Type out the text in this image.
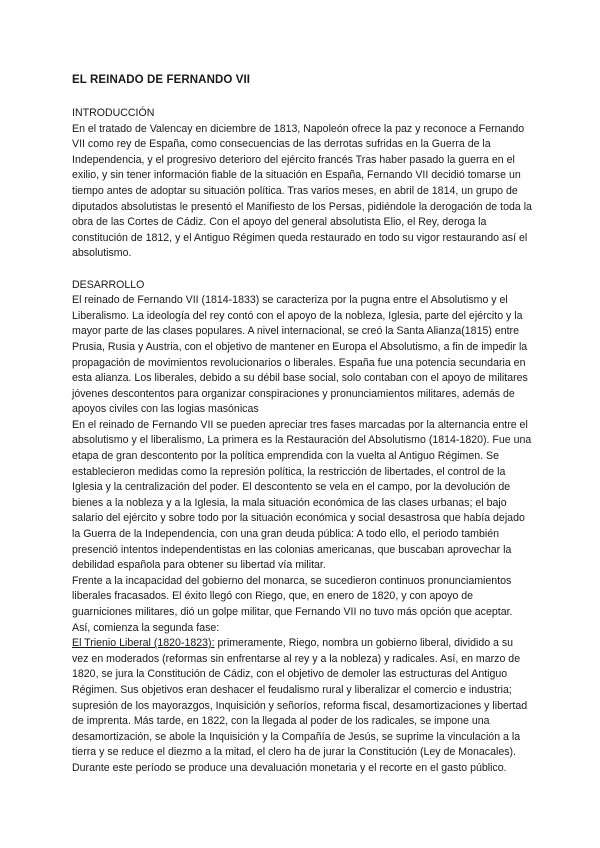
EL REINADO DE FERNANDO VII

INTRODUCCIÓN

En el tratado de Valencay en diciembre de 1813, Napoleón ofrece la paz y reconoce a Fernando VII como rey de España, como consecuencias de las derrotas sufridas en la Guerra de la Independencia, y el progresivo deterioro del ejército francés Tras haber pasado la guerra en el exilio, y sin tener información fiable de la situación en España, Fernando VII decidió tomarse un tiempo antes de adoptar su situación política. Tras varios meses, en abril de 1814, un grupo de diputados absolutistas le presentó el Manifiesto de los Persas, pidiéndole la derogación de toda la obra de las Cortes de Cádiz. Con el apoyo del general absolutista Elio, el Rey, deroga la constitución de 1812, y el Antiguo Régimen queda restaurado en todo su vigor restaurando así el absolutismo.

DESARROLLO

El reinado de Fernando VII (1814-1833) se caracteriza por la pugna entre el Absolutismo y el Liberalismo. La ideología del rey contó con el apoyo de la nobleza, Iglesia, parte del ejército y la mayor parte de las clases populares. A nivel internacional, se creó la Santa Alianza(1815) entre Prusia, Rusia y Austria, con el objetivo de mantener en Europa el Absolutismo, a fin de impedir la propagación de movimientos revolucionarios o liberales. España fue una potencia secundaria en esta alianza. Los liberales, debido a su débil base social, solo contaban con el apoyo de militares jóvenes descontentos para organizar conspiraciones y pronunciamientos militares, además de apoyos civiles con las logias masónicas

En el reinado de Fernando VII se pueden apreciar tres fases marcadas por la alternancia entre el absolutismo y el liberalismo, La primera es la Restauración del Absolutismo (1814-1820). Fue una etapa de gran descontento por la política emprendida con la vuelta al Antiguo Régimen. Se establecieron medidas como la represión política, la restricción de libertades, el control de la Iglesia y la centralización del poder. El descontento se vela en el campo, por la devolución de bienes a la nobleza y a la Iglesia, la mala situación económica de las clases urbanas; el bajo salario del ejército y sobre todo por la situación económica y social desastrosa que había dejado la Guerra de la Independencia, con una gran deuda pública: A todo ello, el periodo también presenció intentos independentistas en las colonias americanas, que buscaban aprovechar la debilidad española para obtener su libertad vía militar.

Frente a la incapacidad del gobierno del monarca, se sucedieron continuos pronunciamientos liberales fracasados. El éxito llegó con Riego, que, en enero de 1820, y con apoyo de guarniciones militares, dió un golpe militar, que Fernando VII no tuvo más opción que aceptar. Así, comienza la segunda fase:

El Trienio Liberal (1820-1823): primeramente, Riego, nombra un gobierno liberal, dividido a su vez en moderados (reformas sin enfrentarse al rey y a la nobleza) y radicales. Así, en marzo de 1820, se jura la Constitución de Cádiz, con el objetivo de demoler las estructuras del Antiguo Régimen. Sus objetivos eran deshacer el feudalismo rural y liberalizar el comercio e industria; supresión de los mayorazgos, Inquisición y señoríos, reforma fiscal, desamortizaciones y libertad de imprenta. Más tarde, en 1822, con la llegada al poder de los radicales, se impone una desamortización, se abole la Inquisición y la Compañía de Jesús, se suprime la vinculación a la tierra y se reduce el diezmo a la mitad, el clero ha de jurar la Constitución (Ley de Monacales). Durante este período se produce una devaluación monetaria y el recorte en el gasto público.
